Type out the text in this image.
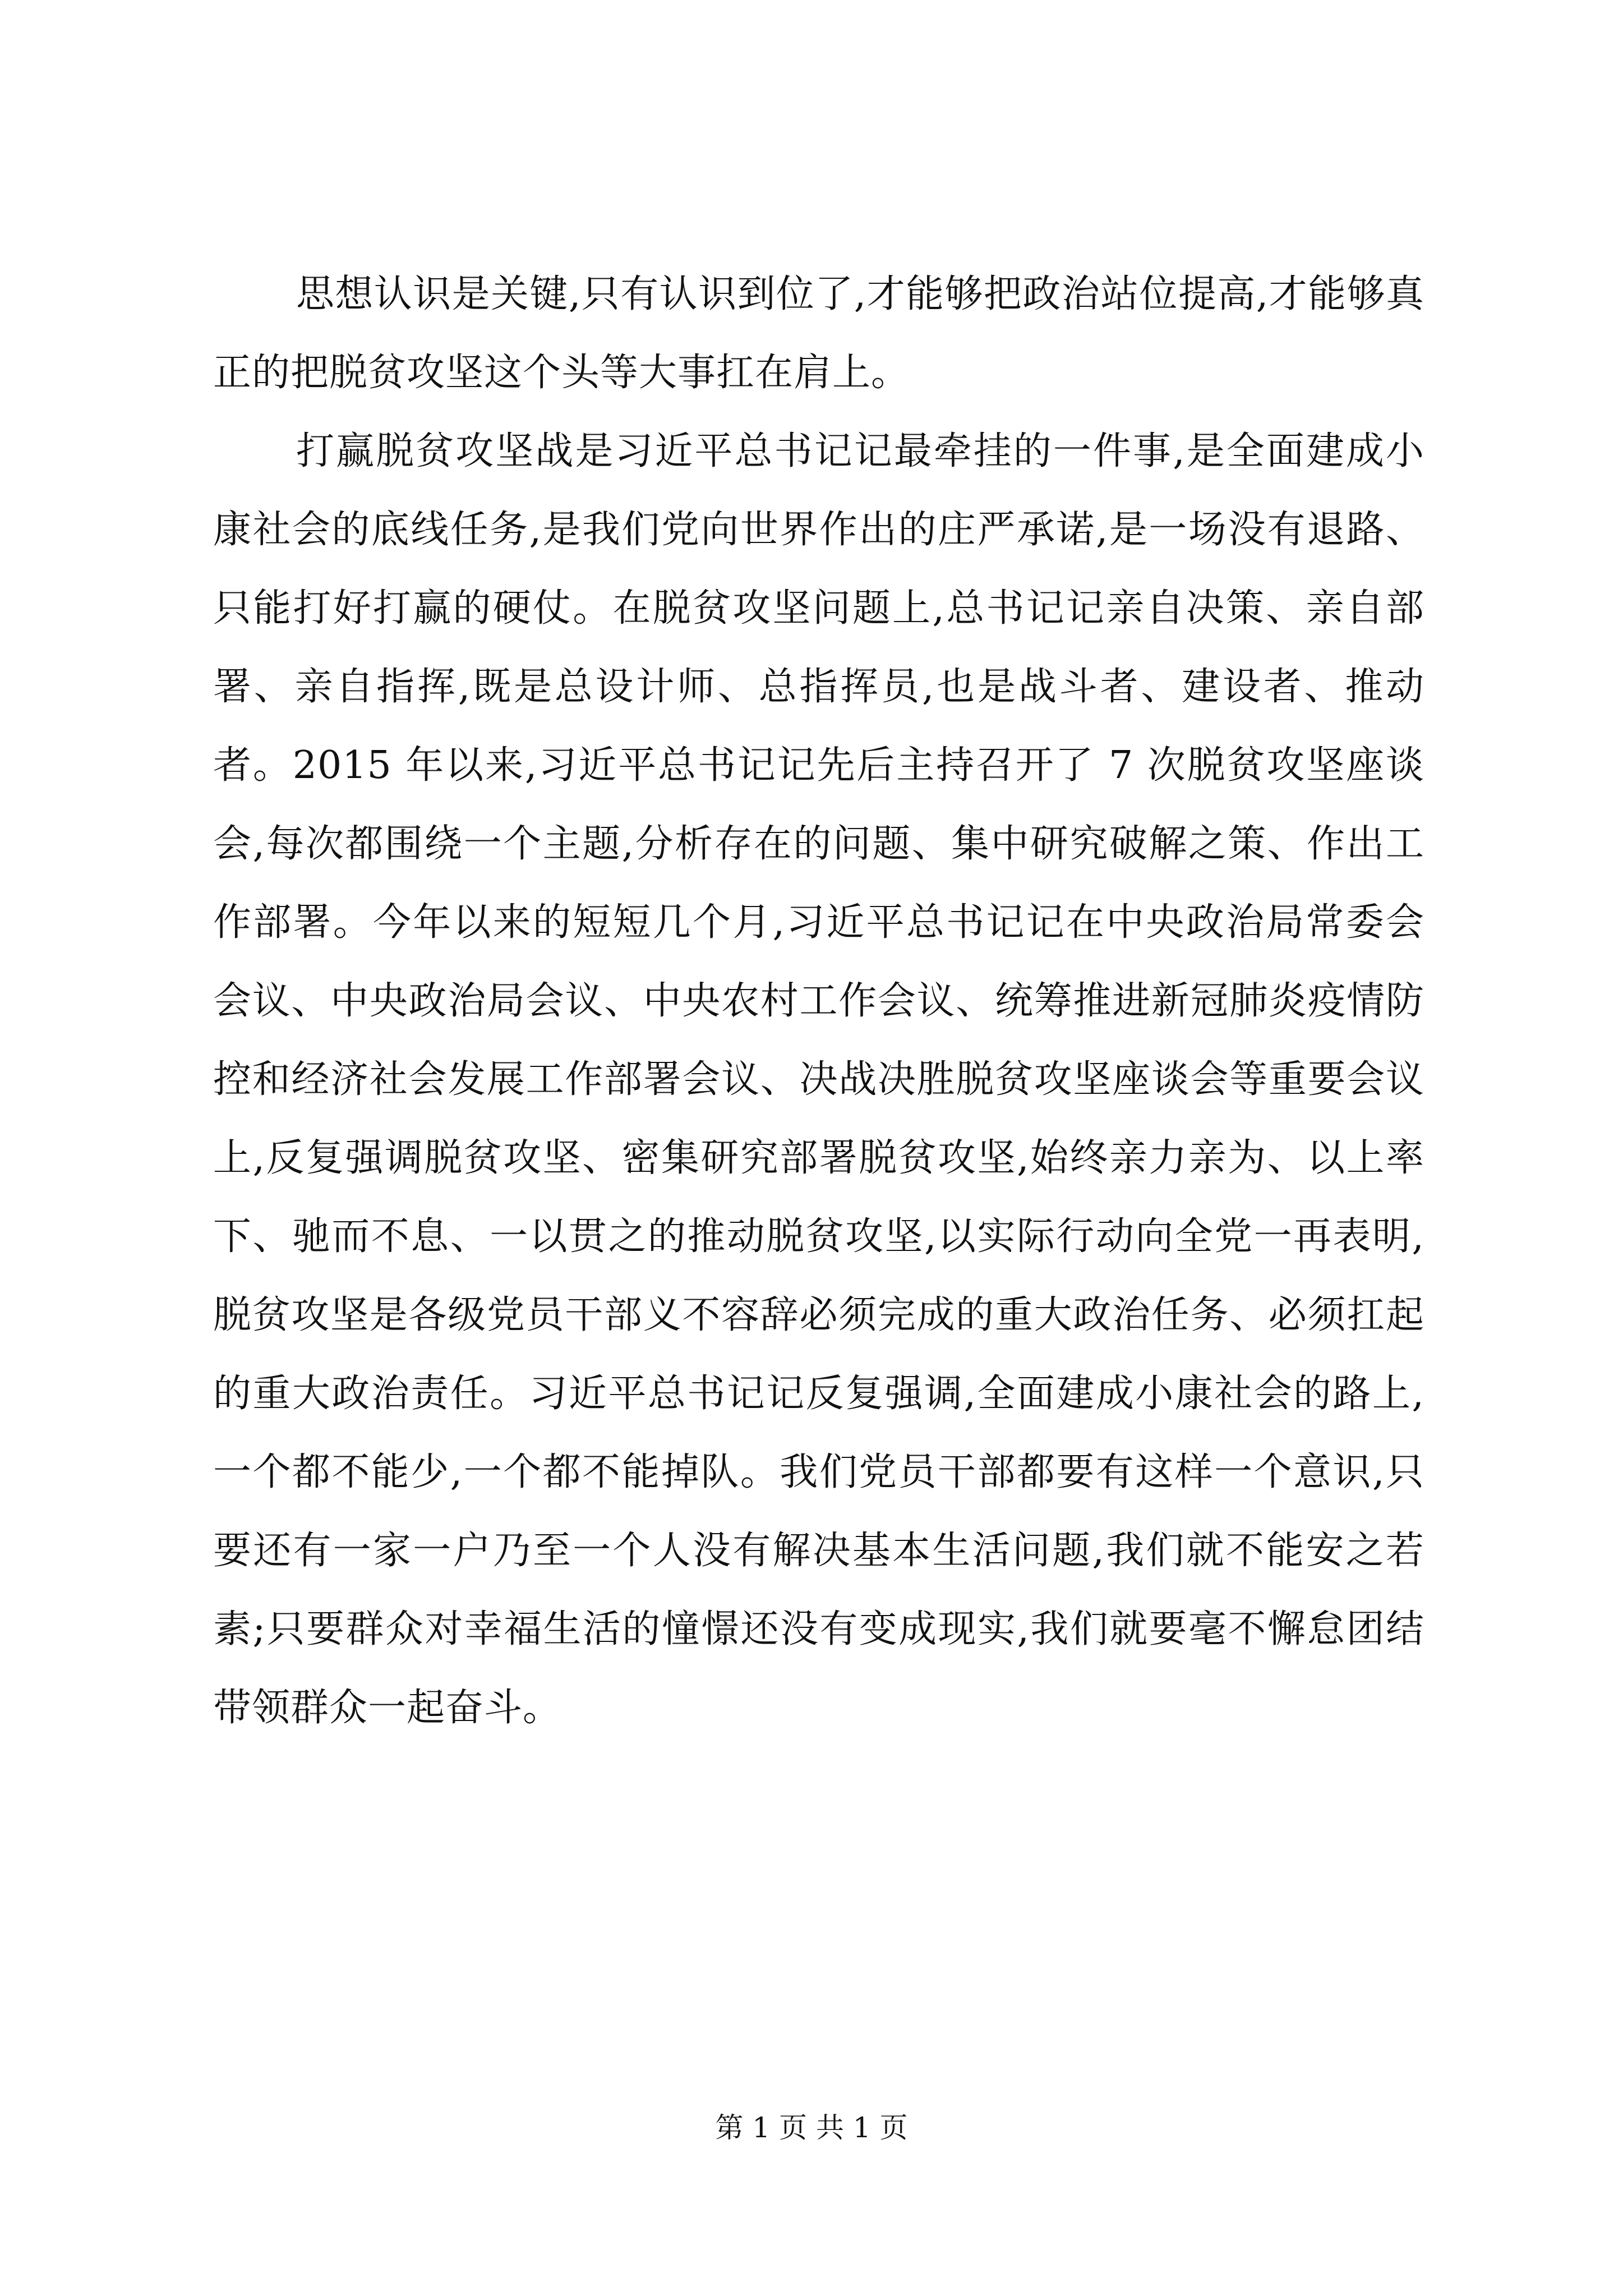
思想认识是关键,只有认识到位了,才能够把政治站位提高,才能够真正的把脱贫攻坚这个头等大事扛在肩上。

打赢脱贫攻坚战是习近平总书记记最牵挂的一件事,是全面建成小康社会的底线任务,是我们党向世界作出的庄严承诺,是一场没有退路、只能打好打赢的硬仗。在脱贫攻坚问题上,总书记记亲自决策、亲自部署、亲自指挥,既是总设计师、总指挥员,也是战斗者、建设者、推动者。2015 年以来,习近平总书记记先后主持召开了 7 次脱贫攻坚座谈会,每次都围绕一个主题,分析存在的问题、集中研究破解之策、作出工作部署。今年以来的短短几个月,习近平总书记记在中央政治局常委会会议、中央政治局会议、中央农村工作会议、统筹推进新冠肺炎疫情防控和经济社会发展工作部署会议、决战决胜脱贫攻坚座谈会等重要会议上,反复强调脱贫攻坚、密集研究部署脱贫攻坚,始终亲力亲为、以上率下、驰而不息、一以贯之的推动脱贫攻坚,以实际行动向全党一再表明,脱贫攻坚是各级党员干部义不容辞必须完成的重大政治任务、必须扛起的重大政治责任。习近平总书记记反复强调,全面建成小康社会的路上,一个都不能少,一个都不能掉队。我们党员干部都要有这样一个意识,只要还有一家一户乃至一个人没有解决基本生活问题,我们就不能安之若素;只要群众对幸福生活的憧憬还没有变成现实,我们就要毫不懈怠团结带领群众一起奋斗。

第 1 页 共 1 页
